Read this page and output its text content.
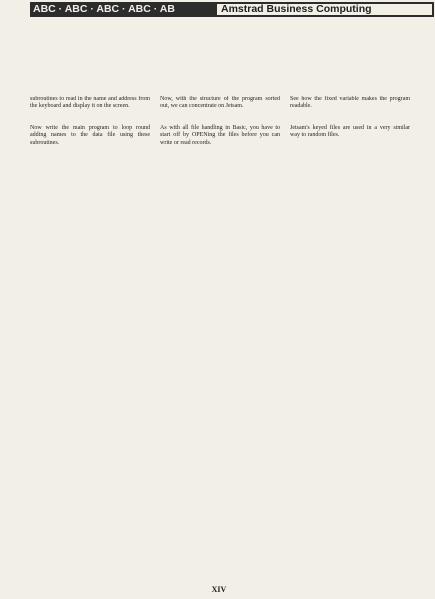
ABC · ABC · ABC · ABC · AB	Amstrad Business Computing

subroutines to read in the name and address from the keyboard and display it on the screen.

Now write the main program to loop round adding names to the data file using these subroutines.

Now, with the structure of the program sorted out, we can concentrate on Jetsam.

As with all file handling in Basic, you have to start off by OPENing the files before you can write or read records.

See how the fixed variable makes the program readable.

Jetsam's keyed files are used in a very similar way to random files.

XIV
